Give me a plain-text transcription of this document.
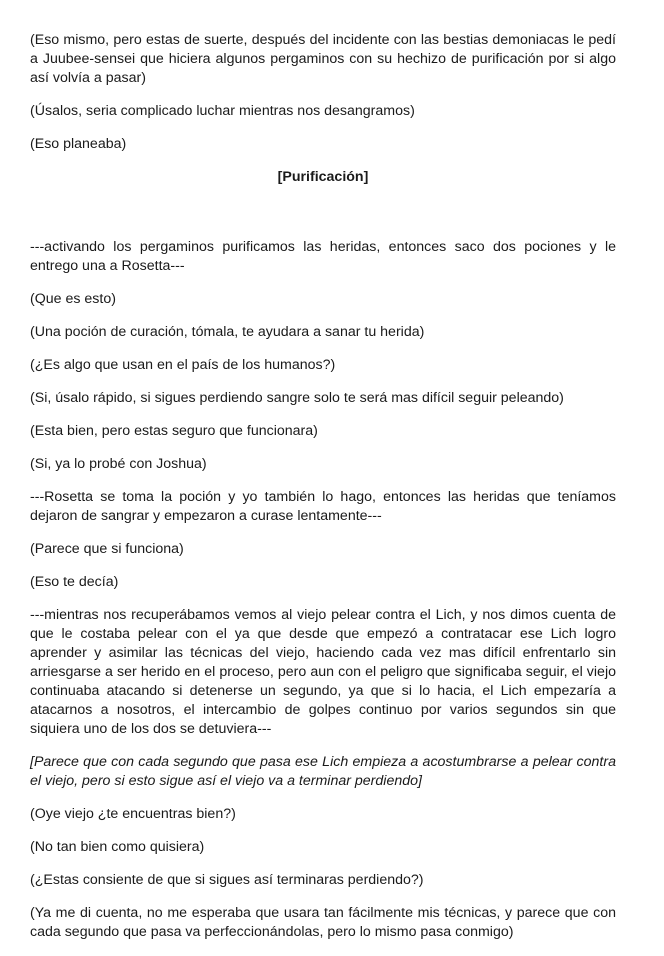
(Eso mismo, pero estas de suerte, después del incidente con las bestias demoniacas le pedí a Juubee-sensei que hiciera algunos pergaminos con su hechizo de purificación por si algo así volvía a pasar)

(Úsalos, seria complicado luchar mientras nos desangramos)

(Eso planeaba)

[Purificación]

---activando los pergaminos purificamos las heridas, entonces saco dos pociones y le entrego una a Rosetta---

(Que es esto)

(Una poción de curación, tómala, te ayudara a sanar tu herida)

(¿Es algo que usan en el país de los humanos?)

(Si, úsalo rápido, si sigues perdiendo sangre solo te será mas difícil seguir peleando)

(Esta bien, pero estas seguro que funcionara)

(Si, ya lo probé con Joshua)

---Rosetta se toma la poción y yo también lo hago, entonces las heridas que teníamos dejaron de sangrar y empezaron a curase lentamente---

(Parece que si funciona)

(Eso te decía)

---mientras nos recuperábamos vemos al viejo pelear contra el Lich, y nos dimos cuenta de que le costaba pelear con el ya que desde que empezó a contratacar ese Lich logro aprender y asimilar las técnicas del viejo, haciendo cada vez mas difícil enfrentarlo sin arriesgarse a ser herido en el proceso, pero aun con el peligro que significaba seguir, el viejo continuaba atacando si detenerse un segundo, ya que si lo hacia, el Lich empezaría a atacarnos a nosotros, el intercambio de golpes continuo por varios segundos sin que siquiera uno de los dos se detuviera---

[Parece que con cada segundo que pasa ese Lich empieza a acostumbrarse a pelear contra el viejo, pero si esto sigue así el viejo va a terminar perdiendo]

(Oye viejo ¿te encuentras bien?)

(No tan bien como quisiera)

(¿Estas consiente de que si sigues así terminaras perdiendo?)

(Ya me di cuenta, no me esperaba que usara tan fácilmente mis técnicas, y parece que con cada segundo que pasa va perfeccionándolas, pero lo mismo pasa conmigo)
